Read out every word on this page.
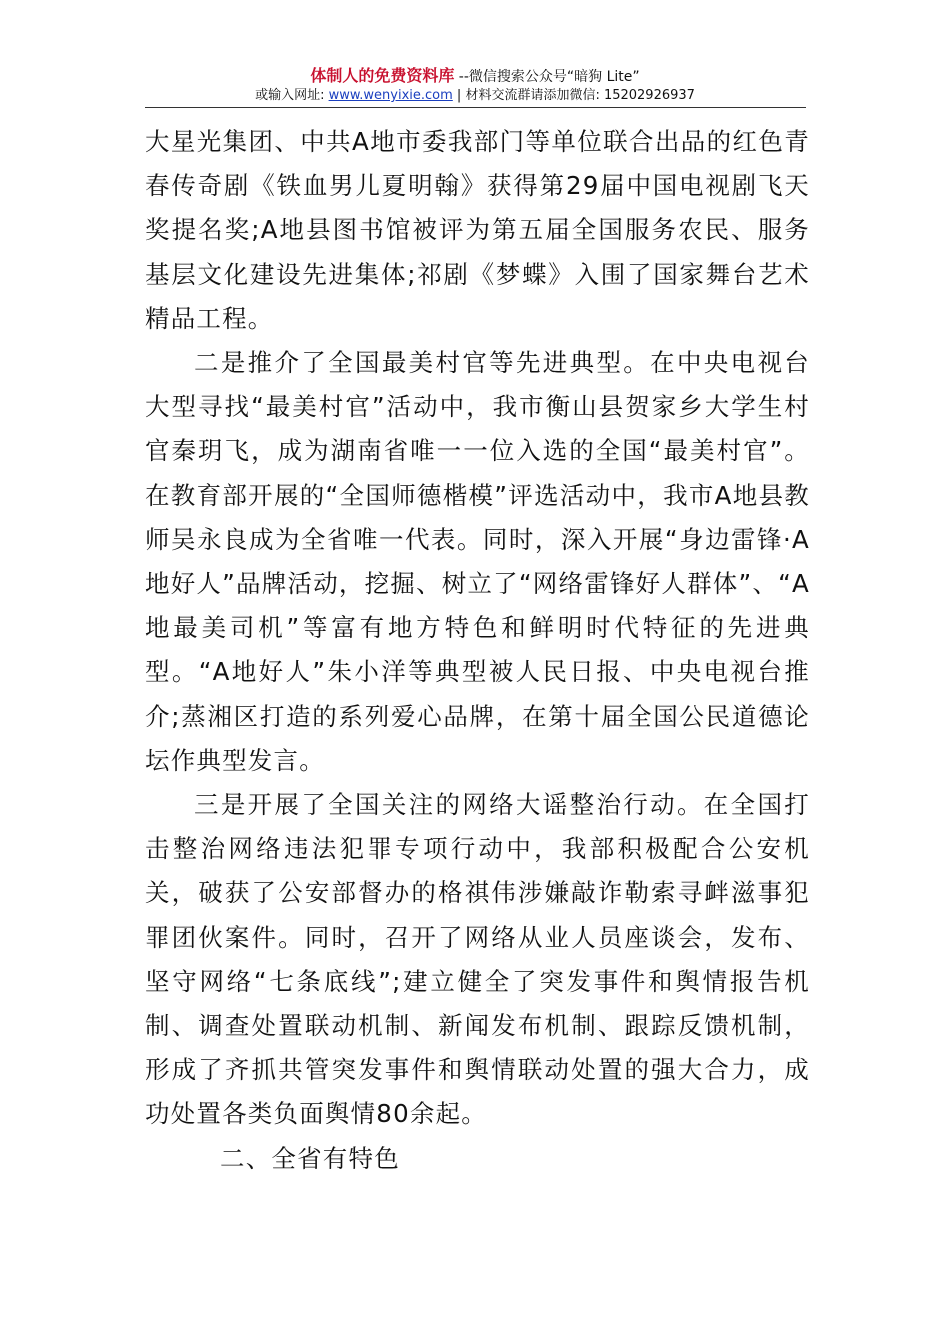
体制人的免费资料库 --微信搜索公众号“暗狗 Lite”
或输入网址: www.wenyixie.com | 材料交流群请添加微信: 15202926937

大星光集团、中共A地市委我部门等单位联合出品的红色青春传奇剧《铁血男儿夏明翰》获得第29届中国电视剧飞天奖提名奖;A地县图书馆被评为第五届全国服务农民、服务基层文化建设先进集体;祁剧《梦蝶》入围了国家舞台艺术精品工程。

二是推介了全国最美村官等先进典型。在中央电视台大型寻找“最美村官”活动中，我市衡山县贺家乡大学生村官秦玥飞，成为湖南省唯一一位入选的全国“最美村官”。在教育部开展的“全国师德楷模”评选活动中，我市A地县教师吴永良成为全省唯一代表。同时，深入开展“身边雷锋·A地好人”品牌活动，挖掘、树立了“网络雷锋好人群体”、“A地最美司机”等富有地方特色和鲜明时代特征的先进典型。“A地好人”朱小洋等典型被人民日报、中央电视台推介;蒸湘区打造的系列爱心品牌，在第十届全国公民道德论坛作典型发言。

三是开展了全国关注的网络大谣整治行动。在全国打击整治网络违法犯罪专项行动中，我部积极配合公安机关，破获了公安部督办的格祺伟涉嫌敲诈勒索寻衅滋事犯罪团伙案件。同时，召开了网络从业人员座谈会，发布、坚守网络“七条底线”;建立健全了突发事件和舆情报告机制、调查处置联动机制、新闻发布机制、跟踪反馈机制，形成了齐抓共管突发事件和舆情联动处置的强大合力，成功处置各类负面舆情80余起。

二、全省有特色
